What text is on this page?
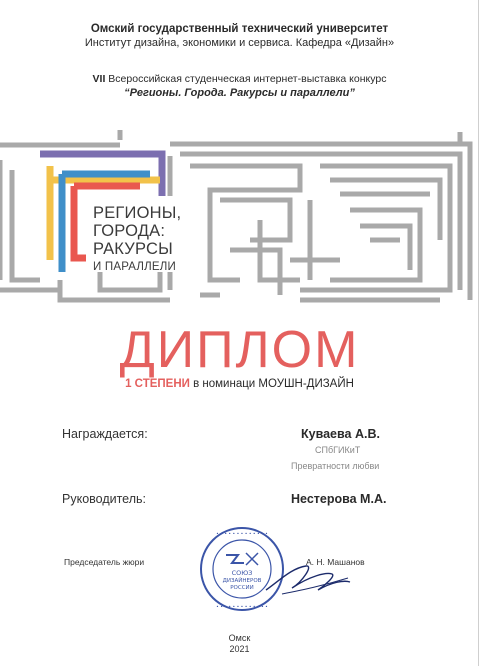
Омский государственный технический университет
Институт дизайна, экономики и сервиса. Кафедра «Дизайн»
VII Всероссийская студенческая интернет-выставка конкурс
“Регионы. Города. Ракурсы и параллели”
РЕГИОНЫ,
ГОРОДА:
РАКУРСЫ
И ПАРАЛЛЕЛИ
ДИПЛОМ
1 СТЕПЕНИ в номинаци МОУШН-ДИЗАЙН
Награждается:	Куваева А.В.
СПбГИКиТ
Превратности любви
Руководитель:	Нестерова М.А.
Председатель жюри
• • • • • • • • • • • • •
• • • • • • • • • • • • •
СОЮЗ
ДИЗАЙНЕРОВ
РОССИИ
А. Н. Машанов
Омск
2021
